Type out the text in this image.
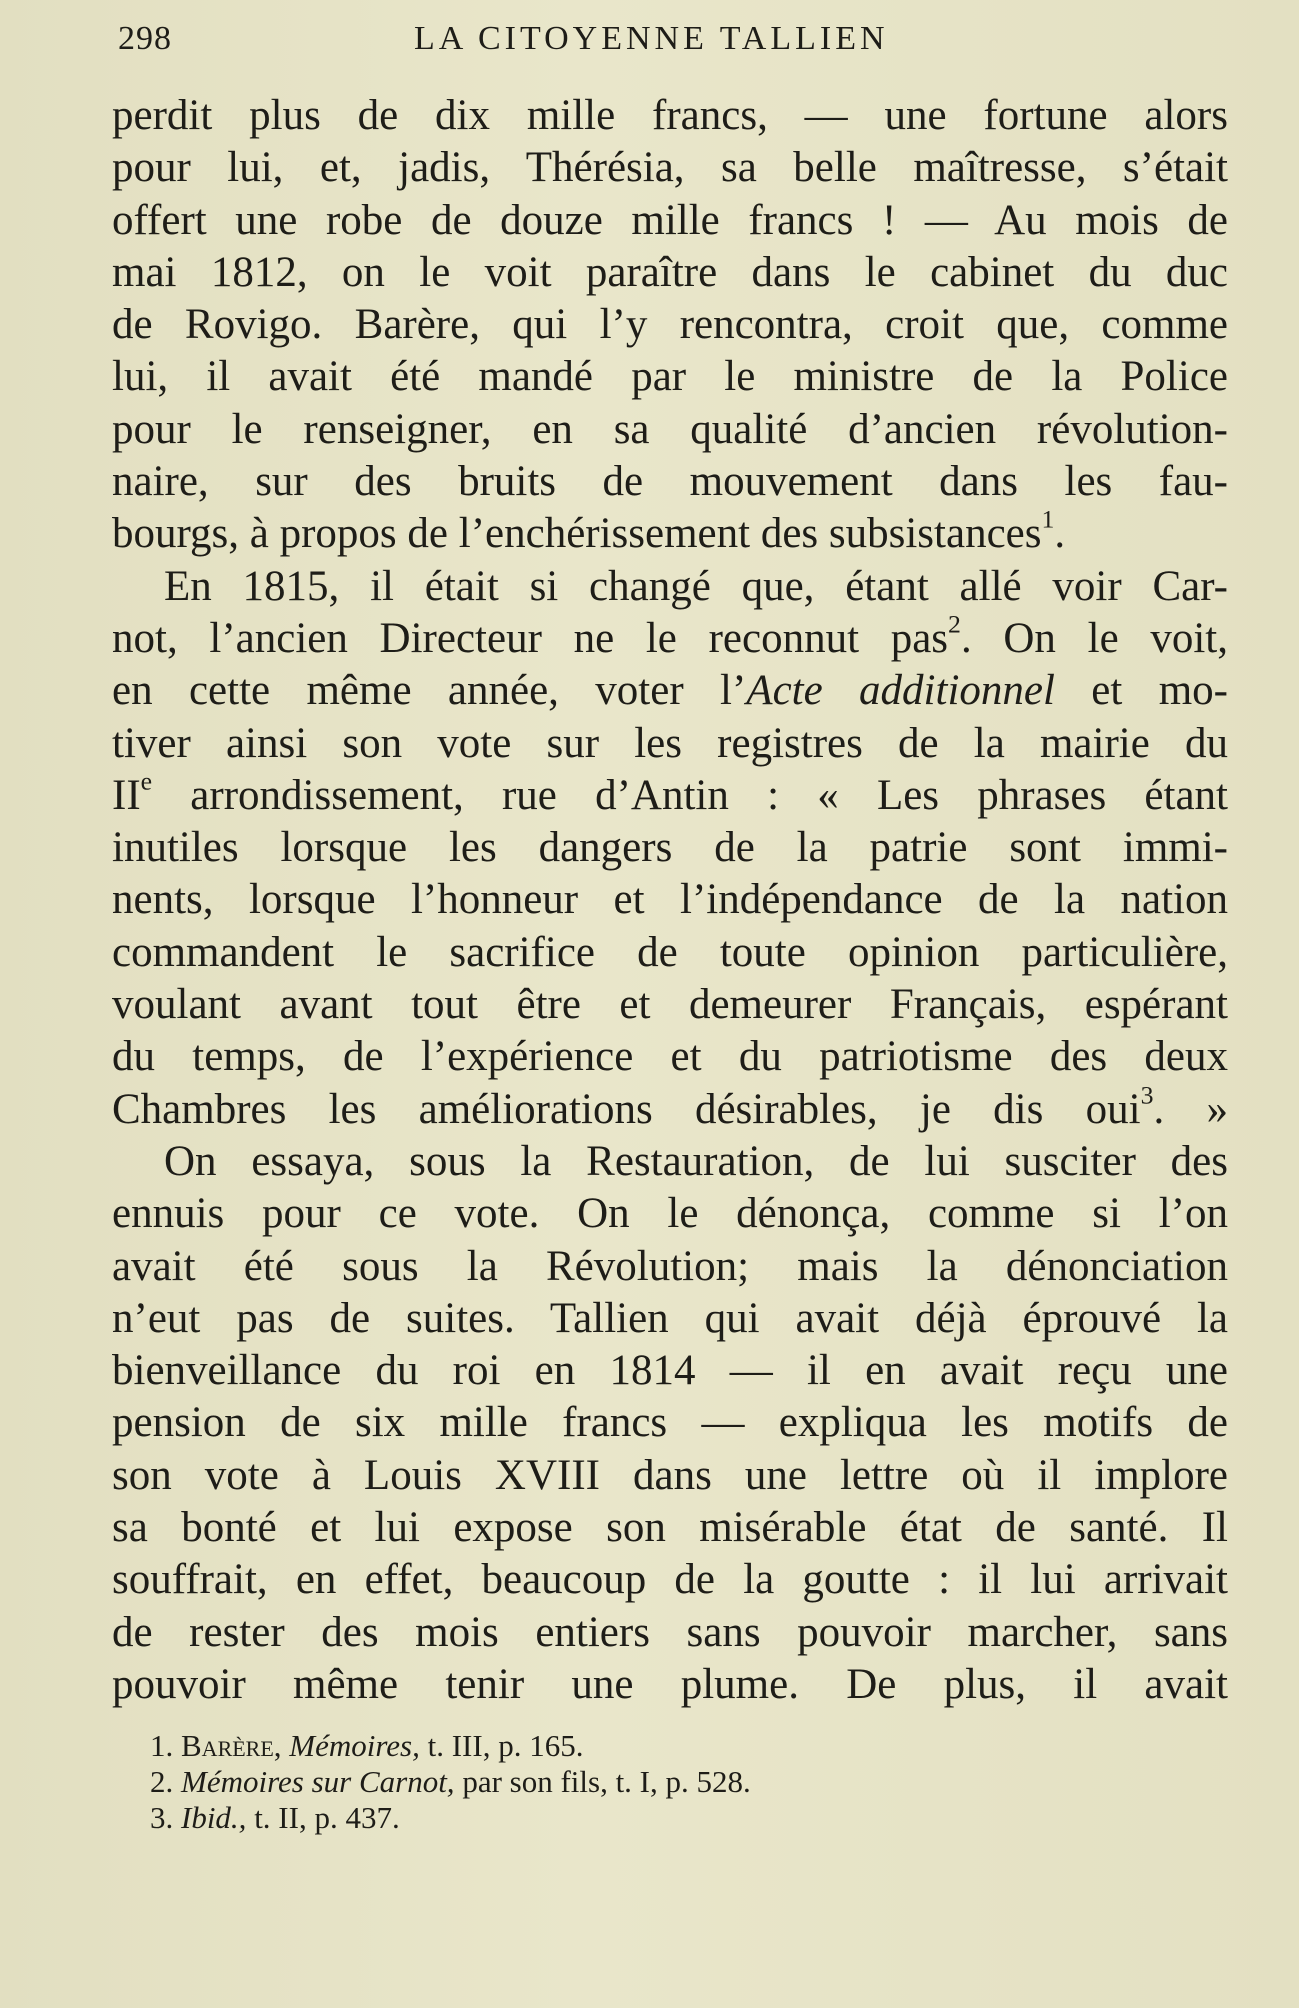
298	LA CITOYENNE TALLIEN

perdit plus de dix mille francs, — une fortune alors
pour lui, et, jadis, Thérésia, sa belle maîtresse, s’était
offert une robe de douze mille francs ! — Au mois de
mai 1812, on le voit paraître dans le cabinet du duc
de Rovigo. Barère, qui l’y rencontra, croit que, comme
lui, il avait été mandé par le ministre de la Police
pour le renseigner, en sa qualité d’ancien révolution-
naire, sur des bruits de mouvement dans les fau-
bourgs, à propos de l’enchérissement des subsistances$^1$.

En 1815, il était si changé que, étant allé voir Car-
not, l’ancien Directeur ne le reconnut pas$^2$. On le voit,
en cette même année, voter l’Acte additionnel et mo-
tiver ainsi son vote sur les registres de la mairie du
IIe arrondissement, rue d’Antin : « Les phrases étant
inutiles lorsque les dangers de la patrie sont immi-
nents, lorsque l’honneur et l’indépendance de la nation
commandent le sacrifice de toute opinion particulière,
voulant avant tout être et demeurer Français, espérant
du temps, de l’expérience et du patriotisme des deux
Chambres les améliorations désirables, je dis oui$^3$. »

On essaya, sous la Restauration, de lui susciter des
ennuis pour ce vote. On le dénonça, comme si l’on
avait été sous la Révolution; mais la dénonciation
n’eut pas de suites. Tallien qui avait déjà éprouvé la
bienveillance du roi en 1814 — il en avait reçu une
pension de six mille francs — expliqua les motifs de
son vote à Louis XVIII dans une lettre où il implore
sa bonté et lui expose son misérable état de santé. Il
souffrait, en effet, beaucoup de la goutte : il lui arrivait
de rester des mois entiers sans pouvoir marcher, sans
pouvoir même tenir une plume. De plus, il avait

1. Barère, Mémoires, t. III, p. 165.
2. Mémoires sur Carnot, par son fils, t. I, p. 528.
3. Ibid., t. II, p. 437.
